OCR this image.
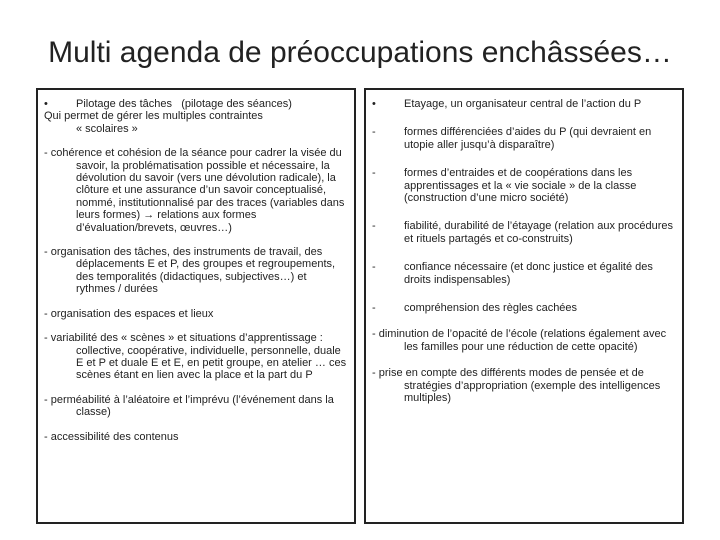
Multi agenda de préoccupations enchâssées…
•	Pilotage des tâches (pilotage des séances)
Qui permet de gérer les multiples contraintes
« scolaires »
- cohérence et cohésion de la séance pour cadrer la visée du savoir, la problématisation possible et nécessaire, la dévolution du savoir (vers une dévolution radicale), la clôture et une assurance d’un savoir conceptualisé, nommé, institutionnalisé par des traces (variables dans leurs formes) → relations aux formes d’évaluation/brevets, œuvres…)
- organisation des tâches, des instruments de travail, des déplacements E et P, des groupes et regroupements, des temporalités (didactiques, subjectives…) et rythmes / durées
- organisation des espaces et lieux
- variabilité des « scènes » et situations d’apprentissage : collective, coopérative, individuelle, personnelle, duale E et P et duale E et E, en petit groupe, en atelier … ces scènes étant en lien avec la place et la part du P
- perméabilité à l’aléatoire et l’imprévu (l’événement dans la classe)
- accessibilité des contenus
•	Etayage, un organisateur central de l’action du P
-	formes différenciées d’aides du P (qui devraient en utopie aller jusqu’à disparaître)
-	formes d’entraides et de coopérations dans les apprentissages et la « vie sociale » de la classe (construction d’une micro société)
-	fiabilité, durabilité de l’étayage (relation aux procédures et rituels partagés et co-construits)
-	confiance nécessaire (et donc justice et égalité des droits indispensables)
-	compréhension des règles cachées
- diminution de l’opacité de l’école (relations également avec les familles pour une réduction de cette opacité)
- prise en compte des différents modes de pensée et de stratégies d’appropriation (exemple des intelligences multiples)
